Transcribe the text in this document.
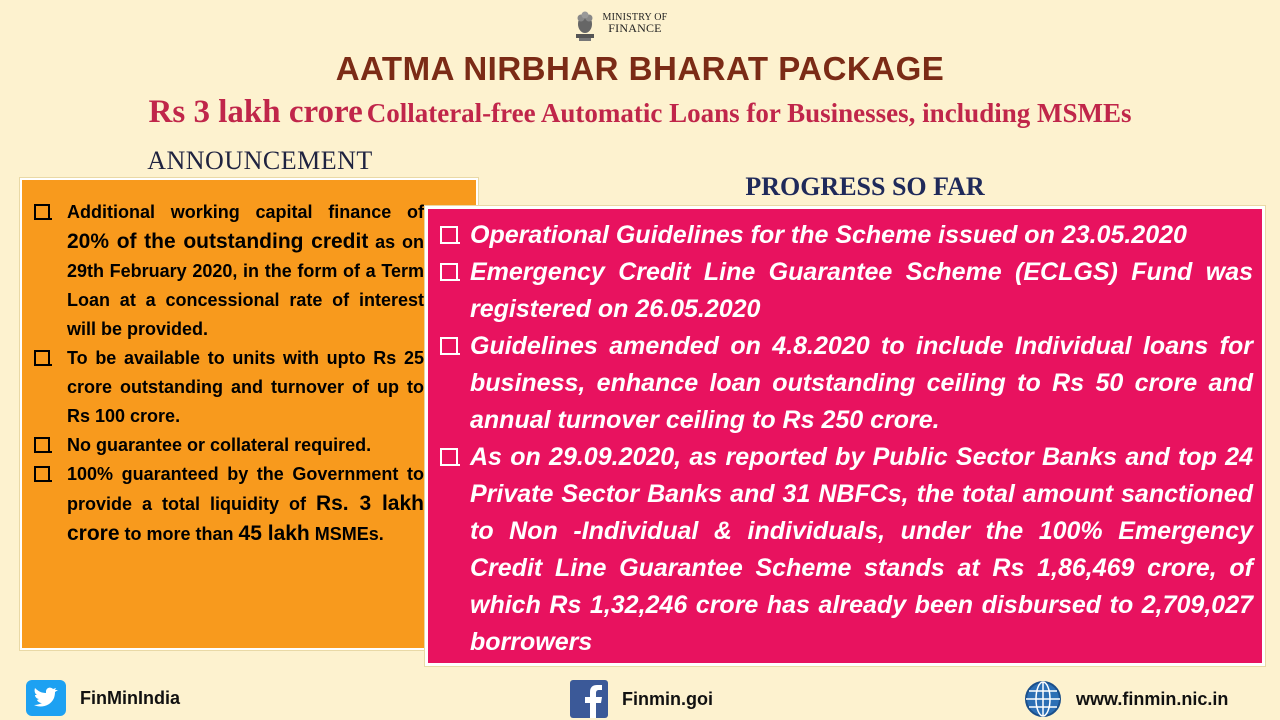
MINISTRY OF
FINANCE
AATMA NIRBHAR BHARAT PACKAGE
Rs 3 lakh crore Collateral-free Automatic Loans for Businesses, including MSMEs
ANNOUNCEMENT
Additional working capital finance of 20% of the outstanding credit as on 29th February 2020, in the form of a Term Loan at a concessional rate of interest will be provided.
To be available to units with upto Rs 25 crore outstanding and turnover of up to Rs 100 crore.
No guarantee or collateral required.
100% guaranteed by the Government to provide a total liquidity of Rs. 3 lakh crore to more than 45 lakh MSMEs.
PROGRESS SO FAR
Operational Guidelines for the Scheme issued on 23.05.2020
Emergency Credit Line Guarantee Scheme (ECLGS) Fund was registered on 26.05.2020
Guidelines amended on 4.8.2020 to include Individual loans for business, enhance loan outstanding ceiling to Rs 50 crore and annual turnover ceiling to Rs 250 crore.
As on 29.09.2020, as reported by Public Sector Banks and top 24 Private Sector Banks and 31 NBFCs, the total amount sanctioned to Non -Individual & individuals, under the 100% Emergency Credit Line Guarantee Scheme stands at Rs 1,86,469 crore, of which Rs 1,32,246 crore has already been disbursed to 2,709,027 borrowers
FinMinIndia	Finmin.goi	www.finmin.nic.in
